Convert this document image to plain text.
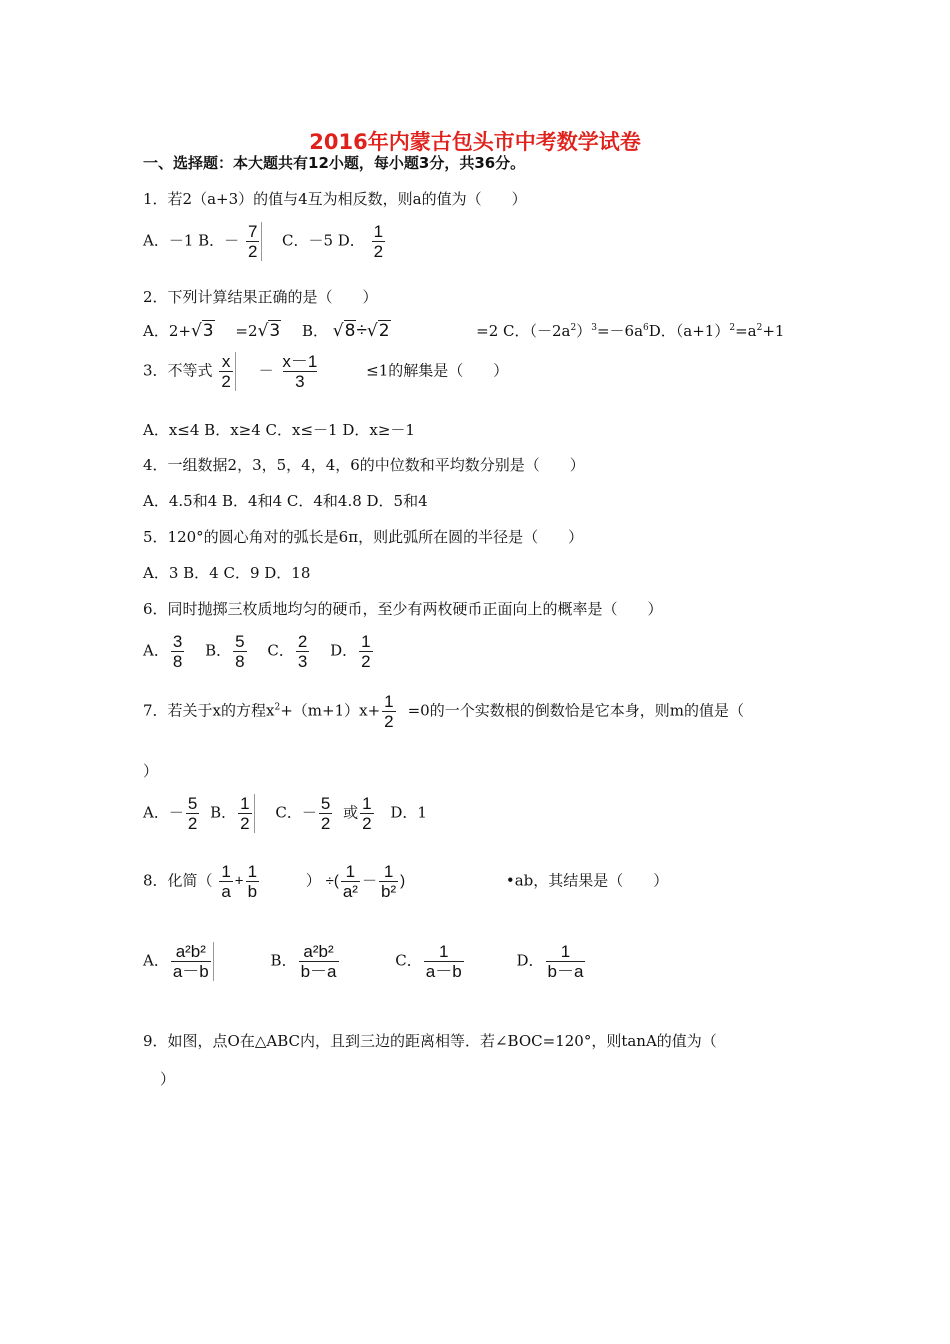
2016年内蒙古包头市中考数学试卷
一、选择题：本大题共有12小题，每小题3分，共36分。
1．若2（a+3）的值与4互为相反数，则a的值为（　　）
A．－1 B．－ $\frac{7}{2}$ C．－5 D． $\frac{1}{2}$
2．下列计算结果正确的是（　　）
A．2+√3 =2√3 B． √8÷√2	=2 C．$(-2a^2)^3=-6a^6D$．$(a+1)^2=a^2+1$
3．不等式 $\frac{x}{2} - \frac{x-1}{3}$	≤1的解集是（　　）
A．x≤4 B．x≥4 C．x≤－1 D．x≥－1
4．一组数据2，3，5，4，4，6的中位数和平均数分别是（　　）
A．4.5和4 B．4和4 C．4和4.8 D．5和4
5．120°的圆心角对的弧长是6π，则此弧所在圆的半径是（　　）
A．3 B．4 C．9 D．18
6．同时抛掷三枚质地均匀的硬币，至少有两枚硬币正面向上的概率是（　　）
A． $\frac{3}{8}$ B． $\frac{5}{8}$ C． $\frac{2}{3}$ D． $\frac{1}{2}$
7．若关于x的方程$x^2+(m+1)x+ \frac{1}{2} =0$的一个实数根的倒数恰是它本身，则m的值是（
）
A．－ $\frac{5}{2}$ B． $\frac{1}{2}$ C．－ $\frac{5}{2}$ 或 $\frac{1}{2}$ D．1
8．化简（ $\frac{1}{a} + \frac{1}{b}$	） ÷( $\frac{1}{\text{a²}} - \frac{1}{\text{b²}}$ )	•ab，其结果是（　　）
A． $\frac{\text{a²b²}}{a-b}$	B． $\frac{\text{a²b²}}{b-a}$	C． $\frac{1}{a-b}$	D． $\frac{1}{b-a}$
9．如图，点O在△ABC内，且到三边的距离相等．若∠BOC=120°，则tanA的值为（
）
